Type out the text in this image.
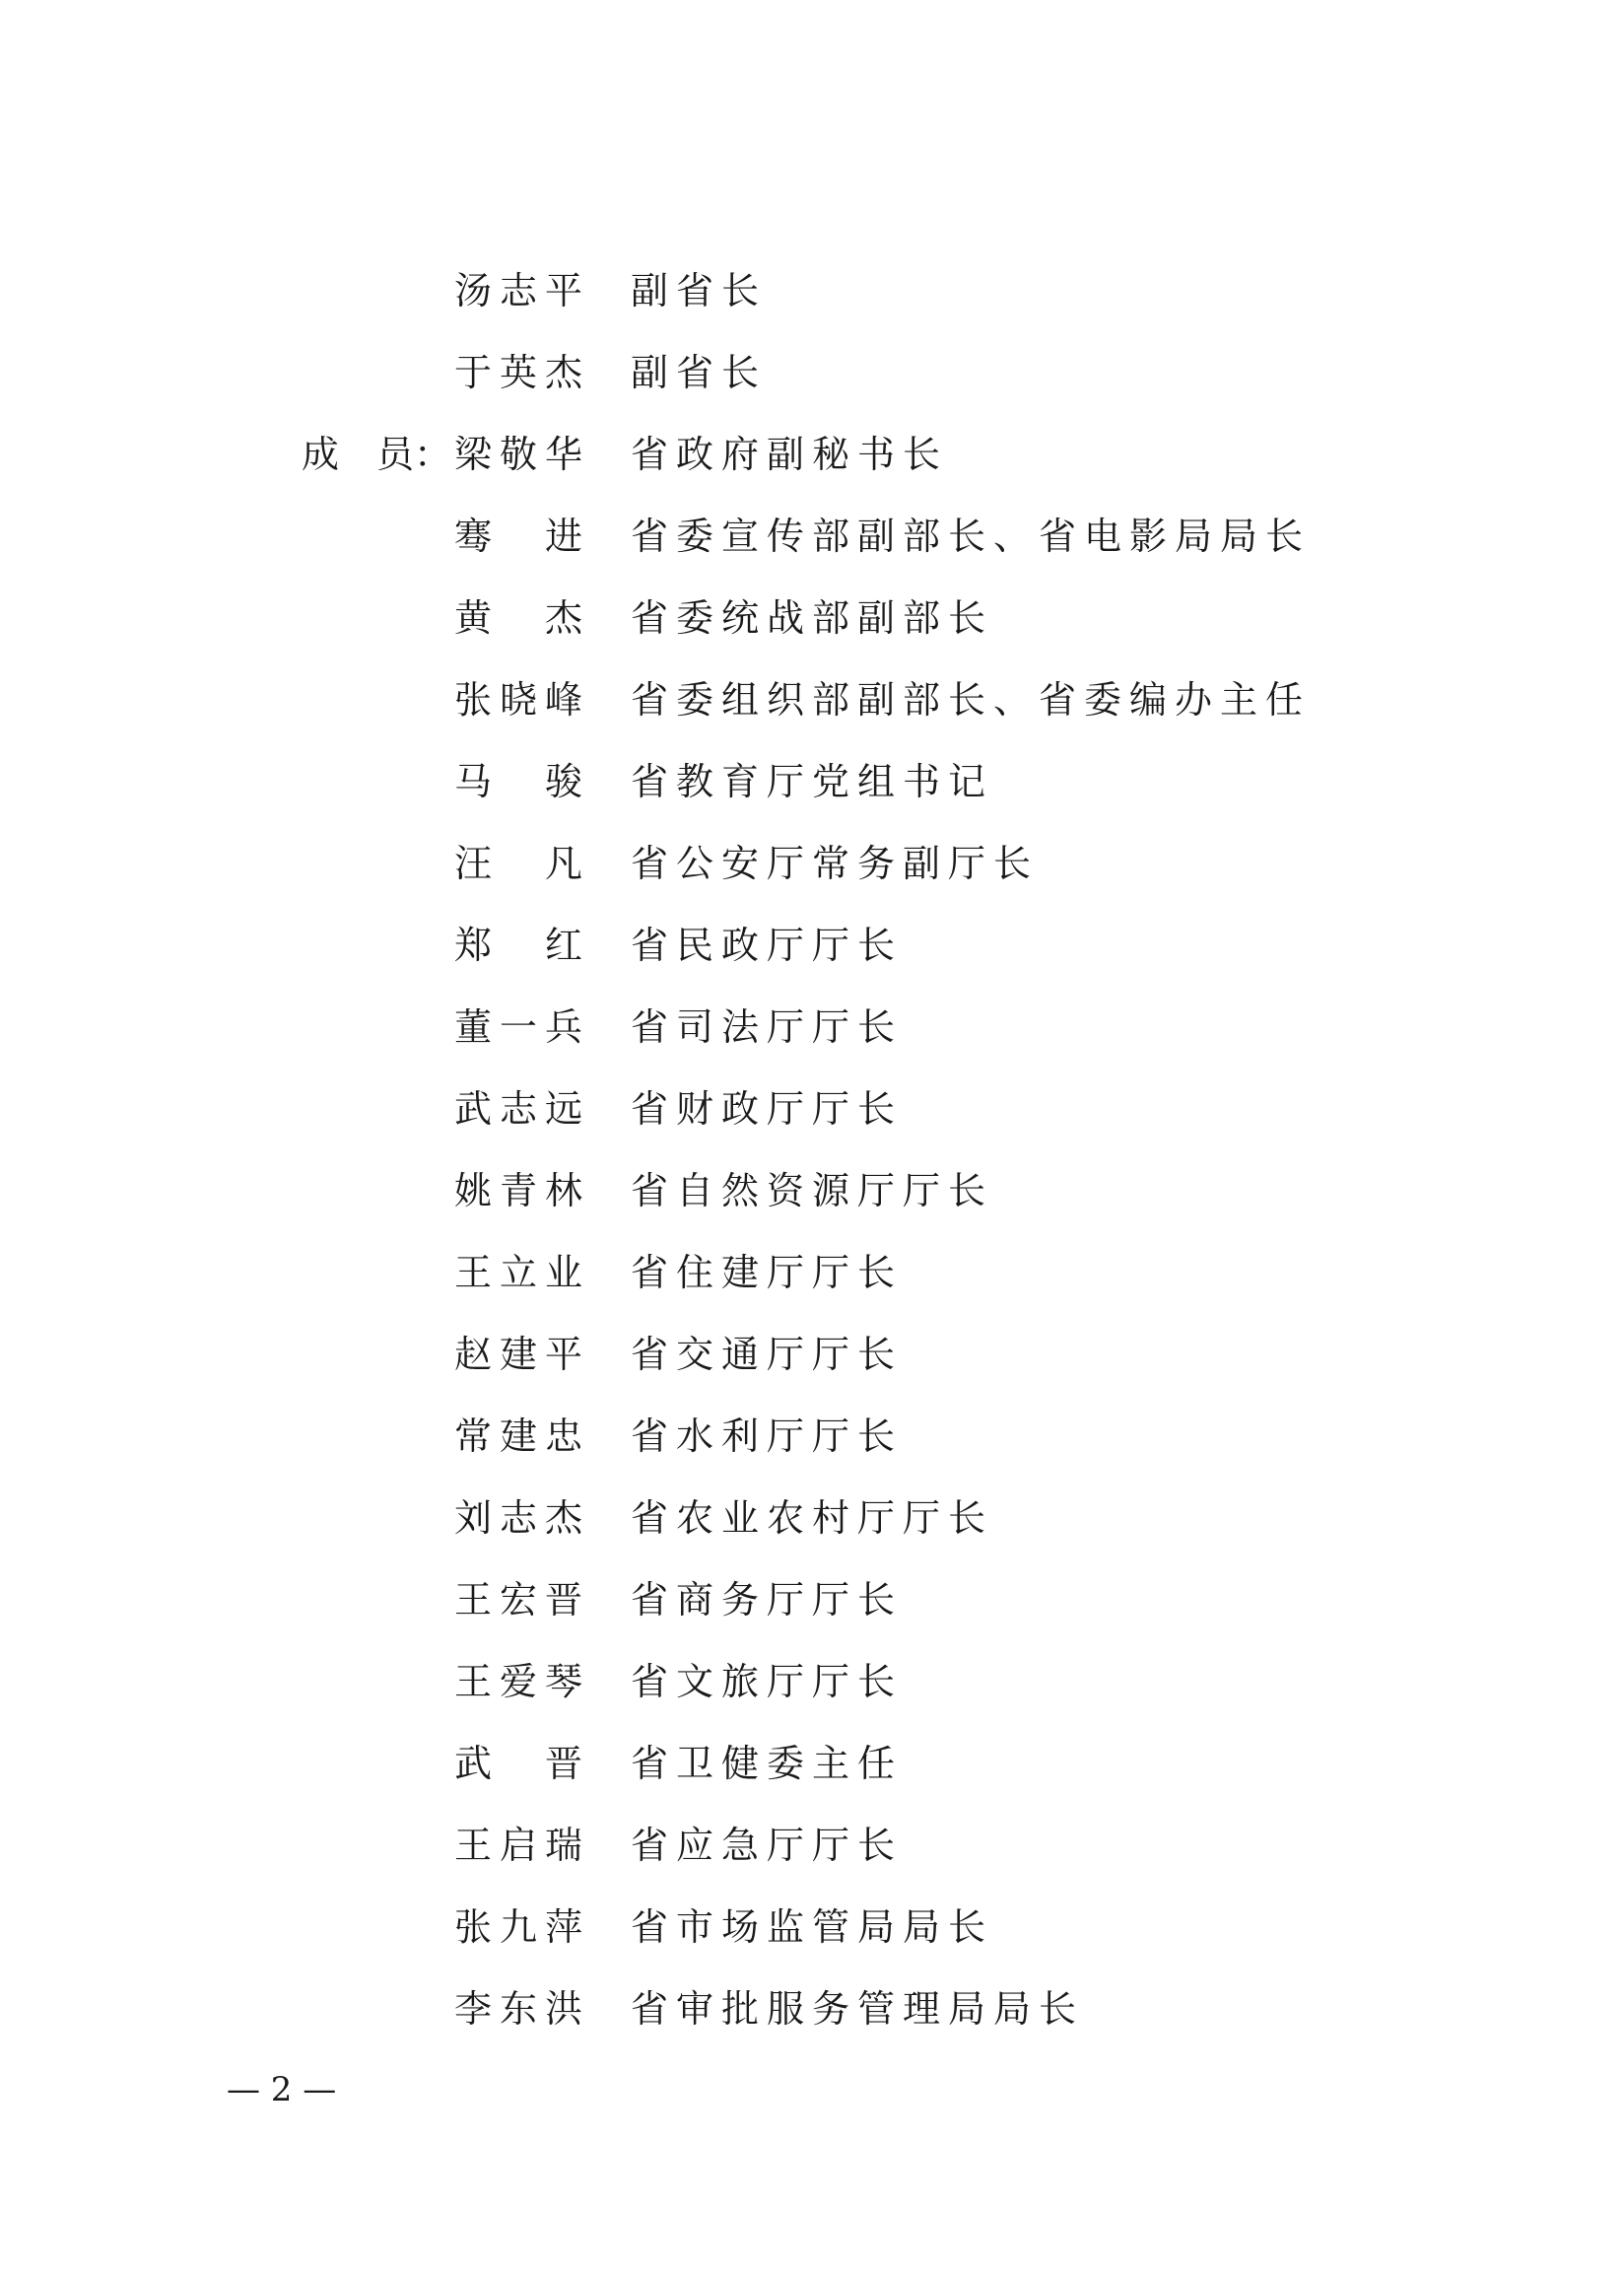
汤志平 副省长
于英杰 副省长
成　员： 梁敬华 省政府副秘书长
骞　进 省委宣传部副部长、省电影局局长
黄　杰 省委统战部副部长
张晓峰 省委组织部副部长、省委编办主任
马　骏 省教育厅党组书记
汪　凡 省公安厅常务副厅长
郑　红 省民政厅厅长
董一兵 省司法厅厅长
武志远 省财政厅厅长
姚青林 省自然资源厅厅长
王立业 省住建厅厅长
赵建平 省交通厅厅长
常建忠 省水利厅厅长
刘志杰 省农业农村厅厅长
王宏晋 省商务厅厅长
王爱琴 省文旅厅厅长
武　晋 省卫健委主任
王启瑞 省应急厅厅长
张九萍 省市场监管局局长
李东洪 省审批服务管理局局长
— 2 —
